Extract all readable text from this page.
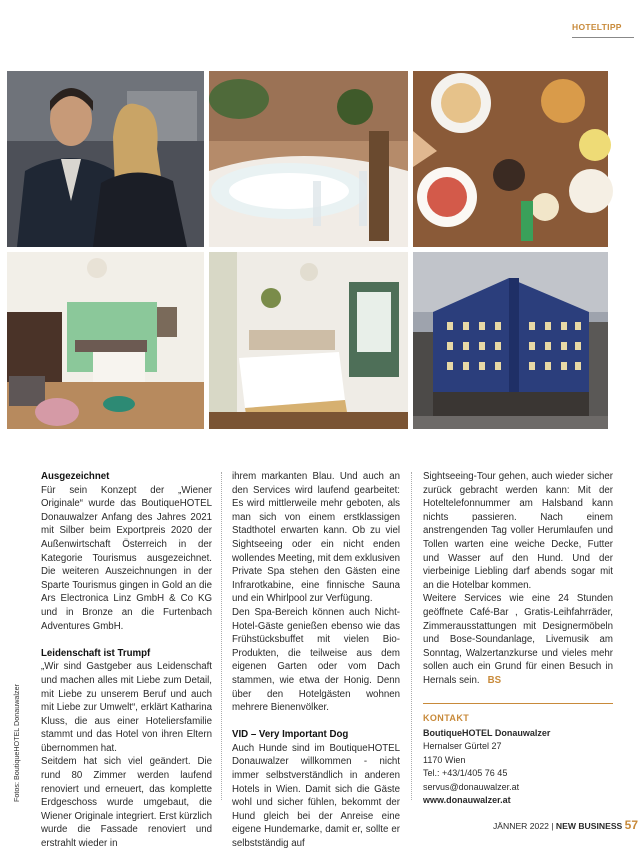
HOTELTIPP
Fotos: BoutiqueHOTEL Donauwalzer
Ausgezeichnet

Für sein Konzept der „Wiener Originale“ wurde das BoutiqueHOTEL Donauwalzer Anfang des Jahres 2021 mit Silber beim Exportpreis 2020 der Außenwirtschaft Österreich in der Kategorie Tourismus ausgezeichnet. Die weiteren Auszeichnungen in der Sparte Tourismus gingen in Gold an die Ars Electronica Linz GmbH & Co KG und in Bronze an die Furtenbach Adventures GmbH.

Leidenschaft ist Trumpf

„Wir sind Gastgeber aus Leidenschaft und machen alles mit Liebe zum Detail, mit Liebe zu unserem Beruf und auch mit Liebe zur Umwelt“, erklärt Katharina Kluss, die aus einer Hoteliersfamilie stammt und das Hotel von ihren Eltern übernommen hat.

Seitdem hat sich viel geändert. Die rund 80 Zimmer werden laufend renoviert und erneuert, das komplette Erdgeschoss wurde umgebaut, die Wiener Originale integriert. Erst kürzlich wurde die Fassade renoviert und erstrahlt wieder in

ihrem markanten Blau. Und auch an den Services wird laufend gearbeitet: Es wird mittlerweile mehr geboten, als man sich von einem erstklassigen Stadthotel erwarten kann. Ob zu viel Sightseeing oder ein nicht enden wollendes Meeting, mit dem exklusiven Private Spa stehen den Gästen eine Infrarotkabine, eine finnische Sauna und ein Whirlpool zur Verfügung.

Den Spa-Bereich können auch Nicht-Hotel-Gäste genießen ebenso wie das Frühstücksbuffet mit vielen Bio-Produkten, die teilweise aus dem eigenen Garten oder vom Dach stammen, wie etwa der Honig. Denn über den Hotelgästen wohnen mehrere Bienenvölker.

VID – Very Important Dog

Auch Hunde sind im BoutiqueHOTEL Donauwalzer willkommen - nicht immer selbstverständlich in anderen Hotels in Wien. Damit sich die Gäste wohl und sicher fühlen, bekommt der Hund gleich bei der Anreise eine eigene Hundemarke, damit er, sollte er selbstständig auf

Sightseeing-Tour gehen, auch wieder sicher zurück gebracht werden kann: Mit der Hoteltelefonnummer am Halsband kann nichts passieren. Nach einem anstrengenden Tag voller Herumlaufen und Tollen warten eine weiche Decke, Futter und Wasser auf den Hund. Und der vierbeinige Liebling darf abends sogar mit an die Hotelbar kommen.

Weitere Services wie eine 24 Stunden geöffnete Café-Bar , Gratis-Leihfahrräder, Zimmerausstattungen mit Designermöbeln und Bose-Soundanlage, Livemusik am Sonntag, Walzertanzkurse und vieles mehr sollen auch ein Grund für einen Besuch in Hernals sein. BS

KONTAKT
BoutiqueHOTEL Donauwalzer
Hernalser Gürtel 27
1170 Wien
Tel.: +43/1/405 76 45
servus@donauwalzer.at
www.donauwalzer.at
JÄNNER 2022 | NEW BUSINESS 57
